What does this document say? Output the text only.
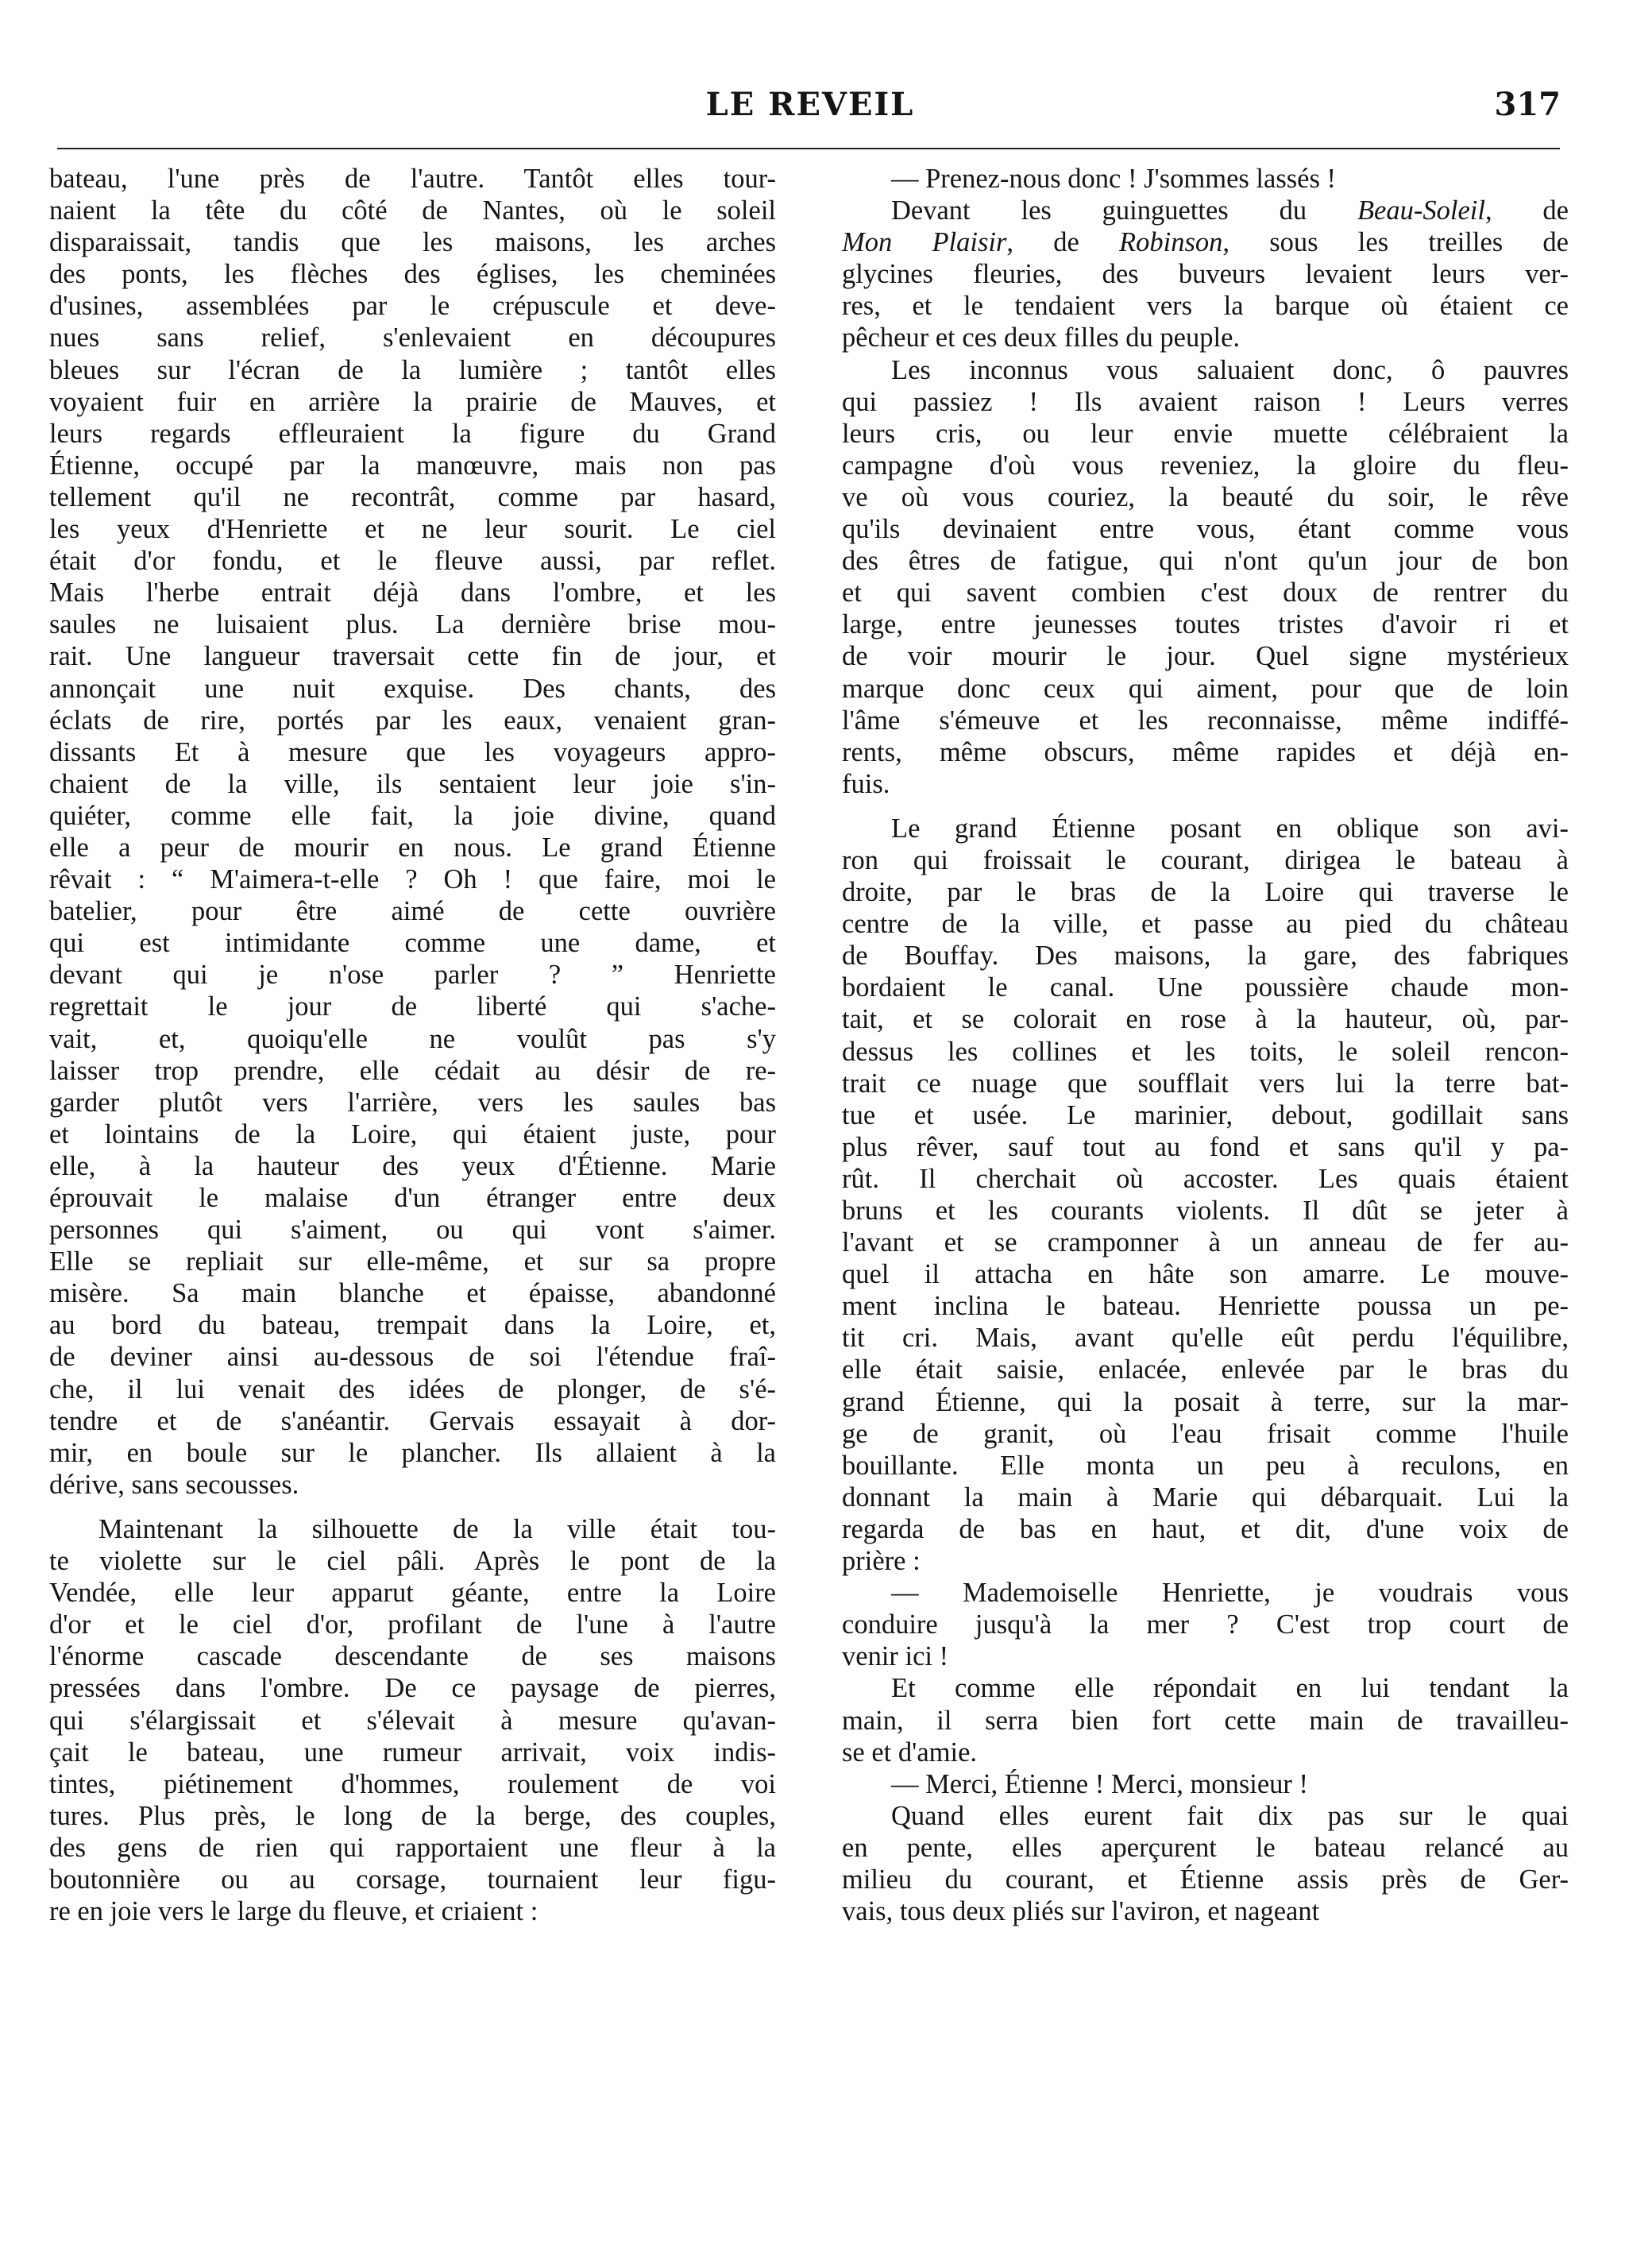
LE REVEIL	317

bateau, l'une près de l'autre. Tantôt elles tour-
naient la tête du côté de Nantes, où le soleil
disparaissait, tandis que les maisons, les arches
des ponts, les flèches des églises, les cheminées
d'usines, assemblées par le crépuscule et deve-
nues sans relief, s'enlevaient en découpures
bleues sur l'écran de la lumière ; tantôt elles
voyaient fuir en arrière la prairie de Mauves, et
leurs regards effleuraient la figure du Grand
Étienne, occupé par la manœuvre, mais non pas
tellement qu'il ne recontrât, comme par hasard,
les yeux d'Henriette et ne leur sourit. Le ciel
était d'or fondu, et le fleuve aussi, par reflet.
Mais l'herbe entrait déjà dans l'ombre, et les
saules ne luisaient plus. La dernière brise mou-
rait. Une langueur traversait cette fin de jour, et
annonçait une nuit exquise. Des chants, des
éclats de rire, portés par les eaux, venaient gran-
dissants Et à mesure que les voyageurs appro-
chaient de la ville, ils sentaient leur joie s'in-
quiéter, comme elle fait, la joie divine, quand
elle a peur de mourir en nous. Le grand Étienne
rêvait : “ M'aimera-t-elle ? Oh ! que faire, moi le
batelier, pour être aimé de cette ouvrière
qui est intimidante comme une dame, et
devant qui je n'ose parler ? ” Henriette
regrettait le jour de liberté qui s'ache-
vait, et, quoiqu'elle ne voulût pas s'y
laisser trop prendre, elle cédait au désir de re-
garder plutôt vers l'arrière, vers les saules bas
et lointains de la Loire, qui étaient juste, pour
elle, à la hauteur des yeux d'Étienne. Marie
éprouvait le malaise d'un étranger entre deux
personnes qui s'aiment, ou qui vont s'aimer.
Elle se repliait sur elle-même, et sur sa propre
misère. Sa main blanche et épaisse, abandonné
au bord du bateau, trempait dans la Loire, et,
de deviner ainsi au-dessous de soi l'étendue fraî-
che, il lui venait des idées de plonger, de s'é-
tendre et de s'anéantir. Gervais essayait à dor-
mir, en boule sur le plancher. Ils allaient à la
dérive, sans secousses.

Maintenant la silhouette de la ville était tou-
te violette sur le ciel pâli. Après le pont de la
Vendée, elle leur apparut géante, entre la Loire
d'or et le ciel d'or, profilant de l'une à l'autre
l'énorme cascade descendante de ses maisons
pressées dans l'ombre. De ce paysage de pierres,
qui s'élargissait et s'élevait à mesure qu'avan-
çait le bateau, une rumeur arrivait, voix indis-
tintes, piétinement d'hommes, roulement de voi
tures. Plus près, le long de la berge, des couples,
des gens de rien qui rapportaient une fleur à la
boutonnière ou au corsage, tournaient leur figu-
re en joie vers le large du fleuve, et criaient :

— Prenez-nous donc ! J'sommes lassés !

Devant les guinguettes du Beau-Soleil, de
Mon Plaisir, de Robinson, sous les treilles de
glycines fleuries, des buveurs levaient leurs ver-
res, et le tendaient vers la barque où étaient ce
pêcheur et ces deux filles du peuple.

Les inconnus vous saluaient donc, ô pauvres
qui passiez ! Ils avaient raison ! Leurs verres
leurs cris, ou leur envie muette célébraient la
campagne d'où vous reveniez, la gloire du fleu-
ve où vous couriez, la beauté du soir, le rêve
qu'ils devinaient entre vous, étant comme vous
des êtres de fatigue, qui n'ont qu'un jour de bon
et qui savent combien c'est doux de rentrer du
large, entre jeunesses toutes tristes d'avoir ri et
de voir mourir le jour. Quel signe mystérieux
marque donc ceux qui aiment, pour que de loin
l'âme s'émeuve et les reconnaisse, même indiffé-
rents, même obscurs, même rapides et déjà en-
fuis.

Le grand Étienne posant en oblique son avi-
ron qui froissait le courant, dirigea le bateau à
droite, par le bras de la Loire qui traverse le
centre de la ville, et passe au pied du château
de Bouffay. Des maisons, la gare, des fabriques
bordaient le canal. Une poussière chaude mon-
tait, et se colorait en rose à la hauteur, où, par-
dessus les collines et les toits, le soleil rencon-
trait ce nuage que soufflait vers lui la terre bat-
tue et usée. Le marinier, debout, godillait sans
plus rêver, sauf tout au fond et sans qu'il y pa-
rût. Il cherchait où accoster. Les quais étaient
bruns et les courants violents. Il dût se jeter à
l'avant et se cramponner à un anneau de fer au-
quel il attacha en hâte son amarre. Le mouve-
ment inclina le bateau. Henriette poussa un pe-
tit cri. Mais, avant qu'elle eût perdu l'équilibre,
elle était saisie, enlacée, enlevée par le bras du
grand Étienne, qui la posait à terre, sur la mar-
ge de granit, où l'eau frisait comme l'huile
bouillante. Elle monta un peu à reculons, en
donnant la main à Marie qui débarquait. Lui la
regarda de bas en haut, et dit, d'une voix de
prière :

— Mademoiselle Henriette, je voudrais vous
conduire jusqu'à la mer ? C'est trop court de
venir ici !

Et comme elle répondait en lui tendant la
main, il serra bien fort cette main de travailleu-
se et d'amie.

— Merci, Étienne ! Merci, monsieur !

Quand elles eurent fait dix pas sur le quai
en pente, elles aperçurent le bateau relancé au
milieu du courant, et Étienne assis près de Ger-
vais, tous deux pliés sur l'aviron, et nageant
